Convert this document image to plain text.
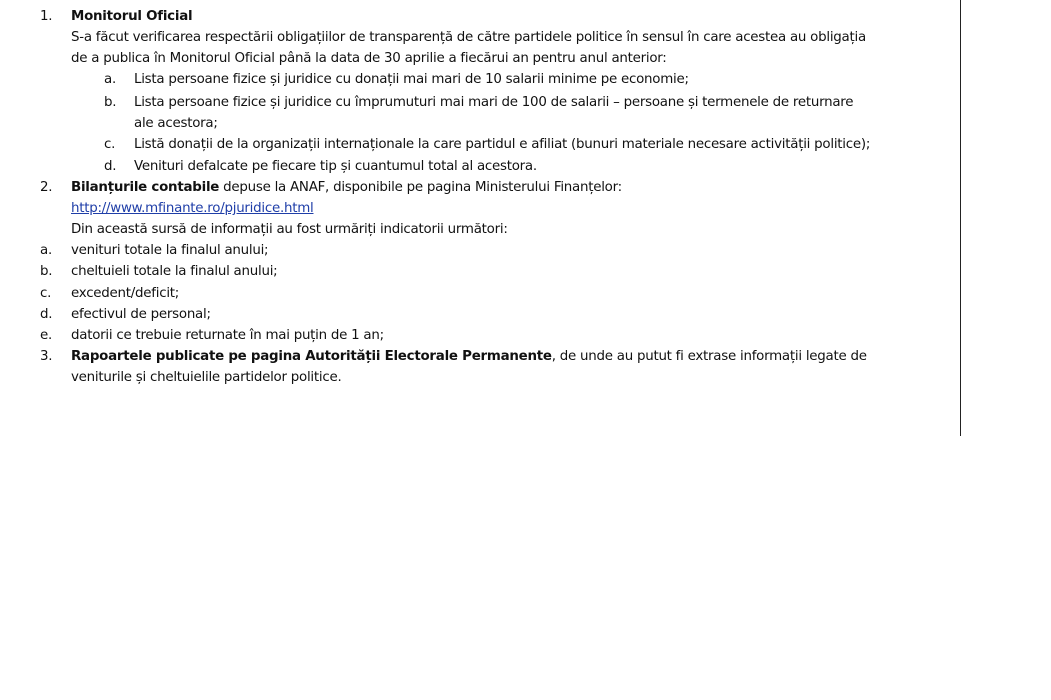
1. Monitorul Oficial
S-a făcut verificarea respectării obligațiilor de transparență de către partidele politice în sensul în care acestea au obligația
de a publica în Monitorul Oficial până la data de 30 aprilie a fiecărui an pentru anul anterior:
a. Lista persoane fizice și juridice cu donații mai mari de 10 salarii minime pe economie;
b. Lista persoane fizice și juridice cu împrumuturi mai mari de 100 de salarii – persoane și termenele de returnare
ale acestora;
c. Listă donații de la organizații internaționale la care partidul e afiliat (bunuri materiale necesare activității politice);
d. Venituri defalcate pe fiecare tip și cuantumul total al acestora.
2. Bilanțurile contabile depuse la ANAF, disponibile pe pagina Ministerului Finanțelor:
http://www.mfinante.ro/pjuridice.html
Din această sursă de informații au fost urmăriți indicatorii următori:
a. venituri totale la finalul anului;
b. cheltuieli totale la finalul anului;
c. excedent/deficit;
d. efectivul de personal;
e. datorii ce trebuie returnate în mai puțin de 1 an;
3. Rapoartele publicate pe pagina Autorității Electorale Permanente, de unde au putut fi extrase informații legate de
veniturile și cheltuielile partidelor politice.
